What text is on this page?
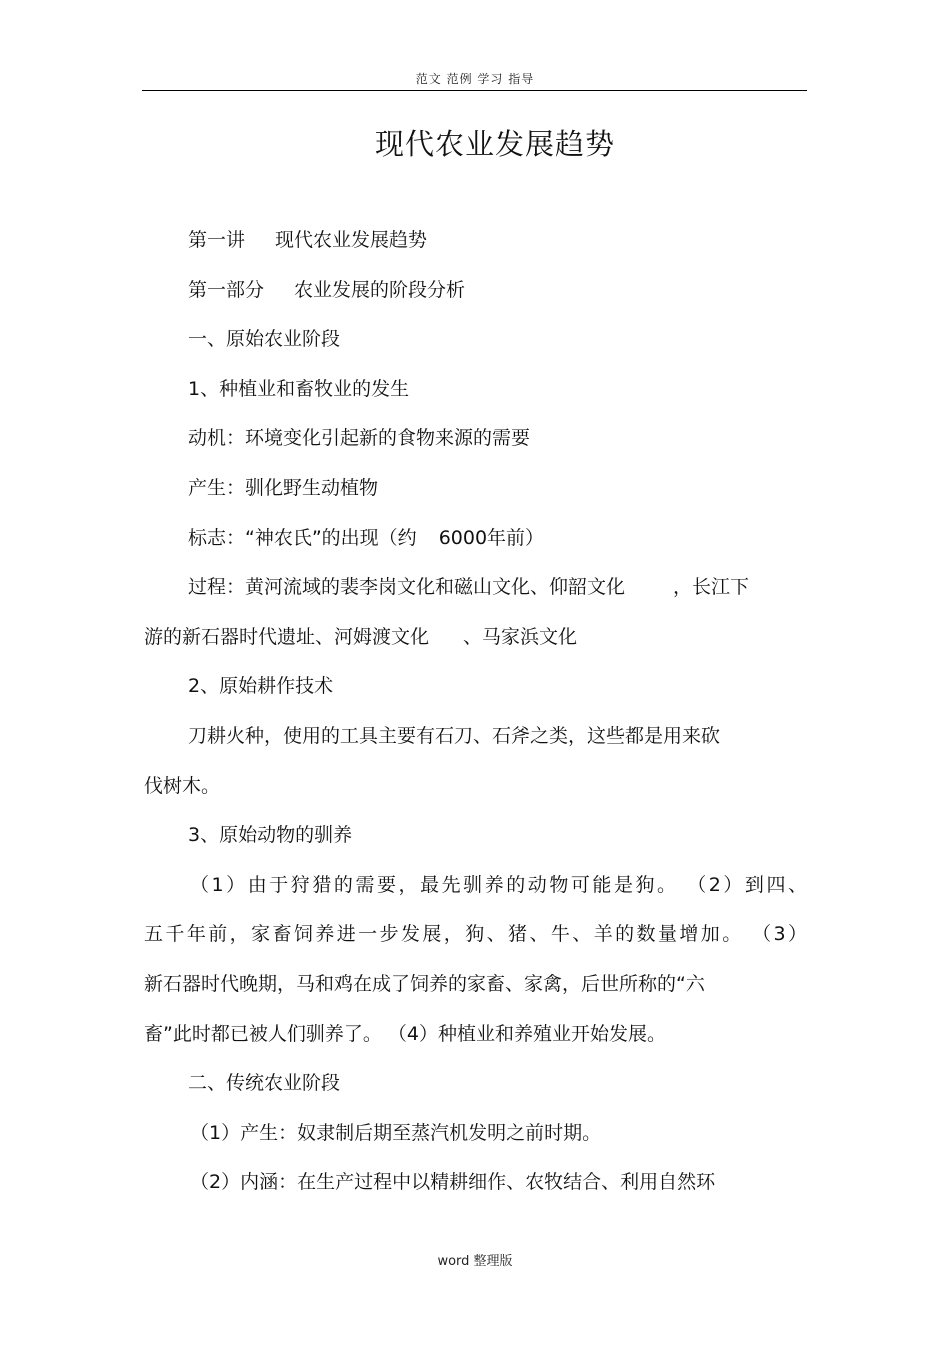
范文 范例 学习 指导
现代农业发展趋势

第一讲 现代农业发展趋势

第一部分 农业发展的阶段分析

一、原始农业阶段

1、种植业和畜牧业的发生

动机：环境变化引起新的食物来源的需要

产生：驯化野生动植物

标志：“神农氏”的出现（约 6000年前）

过程：黄河流域的裴李岗文化和磁山文化、仰韶文化	，长江下

游的新石器时代遗址、河姆渡文化 、马家浜文化

2、原始耕作技术

刀耕火种，使用的工具主要有石刀、石斧之类，这些都是用来砍

伐树木。

3、原始动物的驯养

（1）由于狩猎的需要，最先驯养的动物可能是狗。 （2）到四、

五千年前，家畜饲养进一步发展，狗、猪、牛、羊的数量增加。 （3）

新石器时代晚期，马和鸡在成了饲养的家畜、家禽，后世所称的“六

畜”此时都已被人们驯养了。 （4）种植业和养殖业开始发展。

二、传统农业阶段

（1）产生：奴隶制后期至蒸汽机发明之前时期。

（2）内涵：在生产过程中以精耕细作、农牧结合、利用自然环

word 整理版
